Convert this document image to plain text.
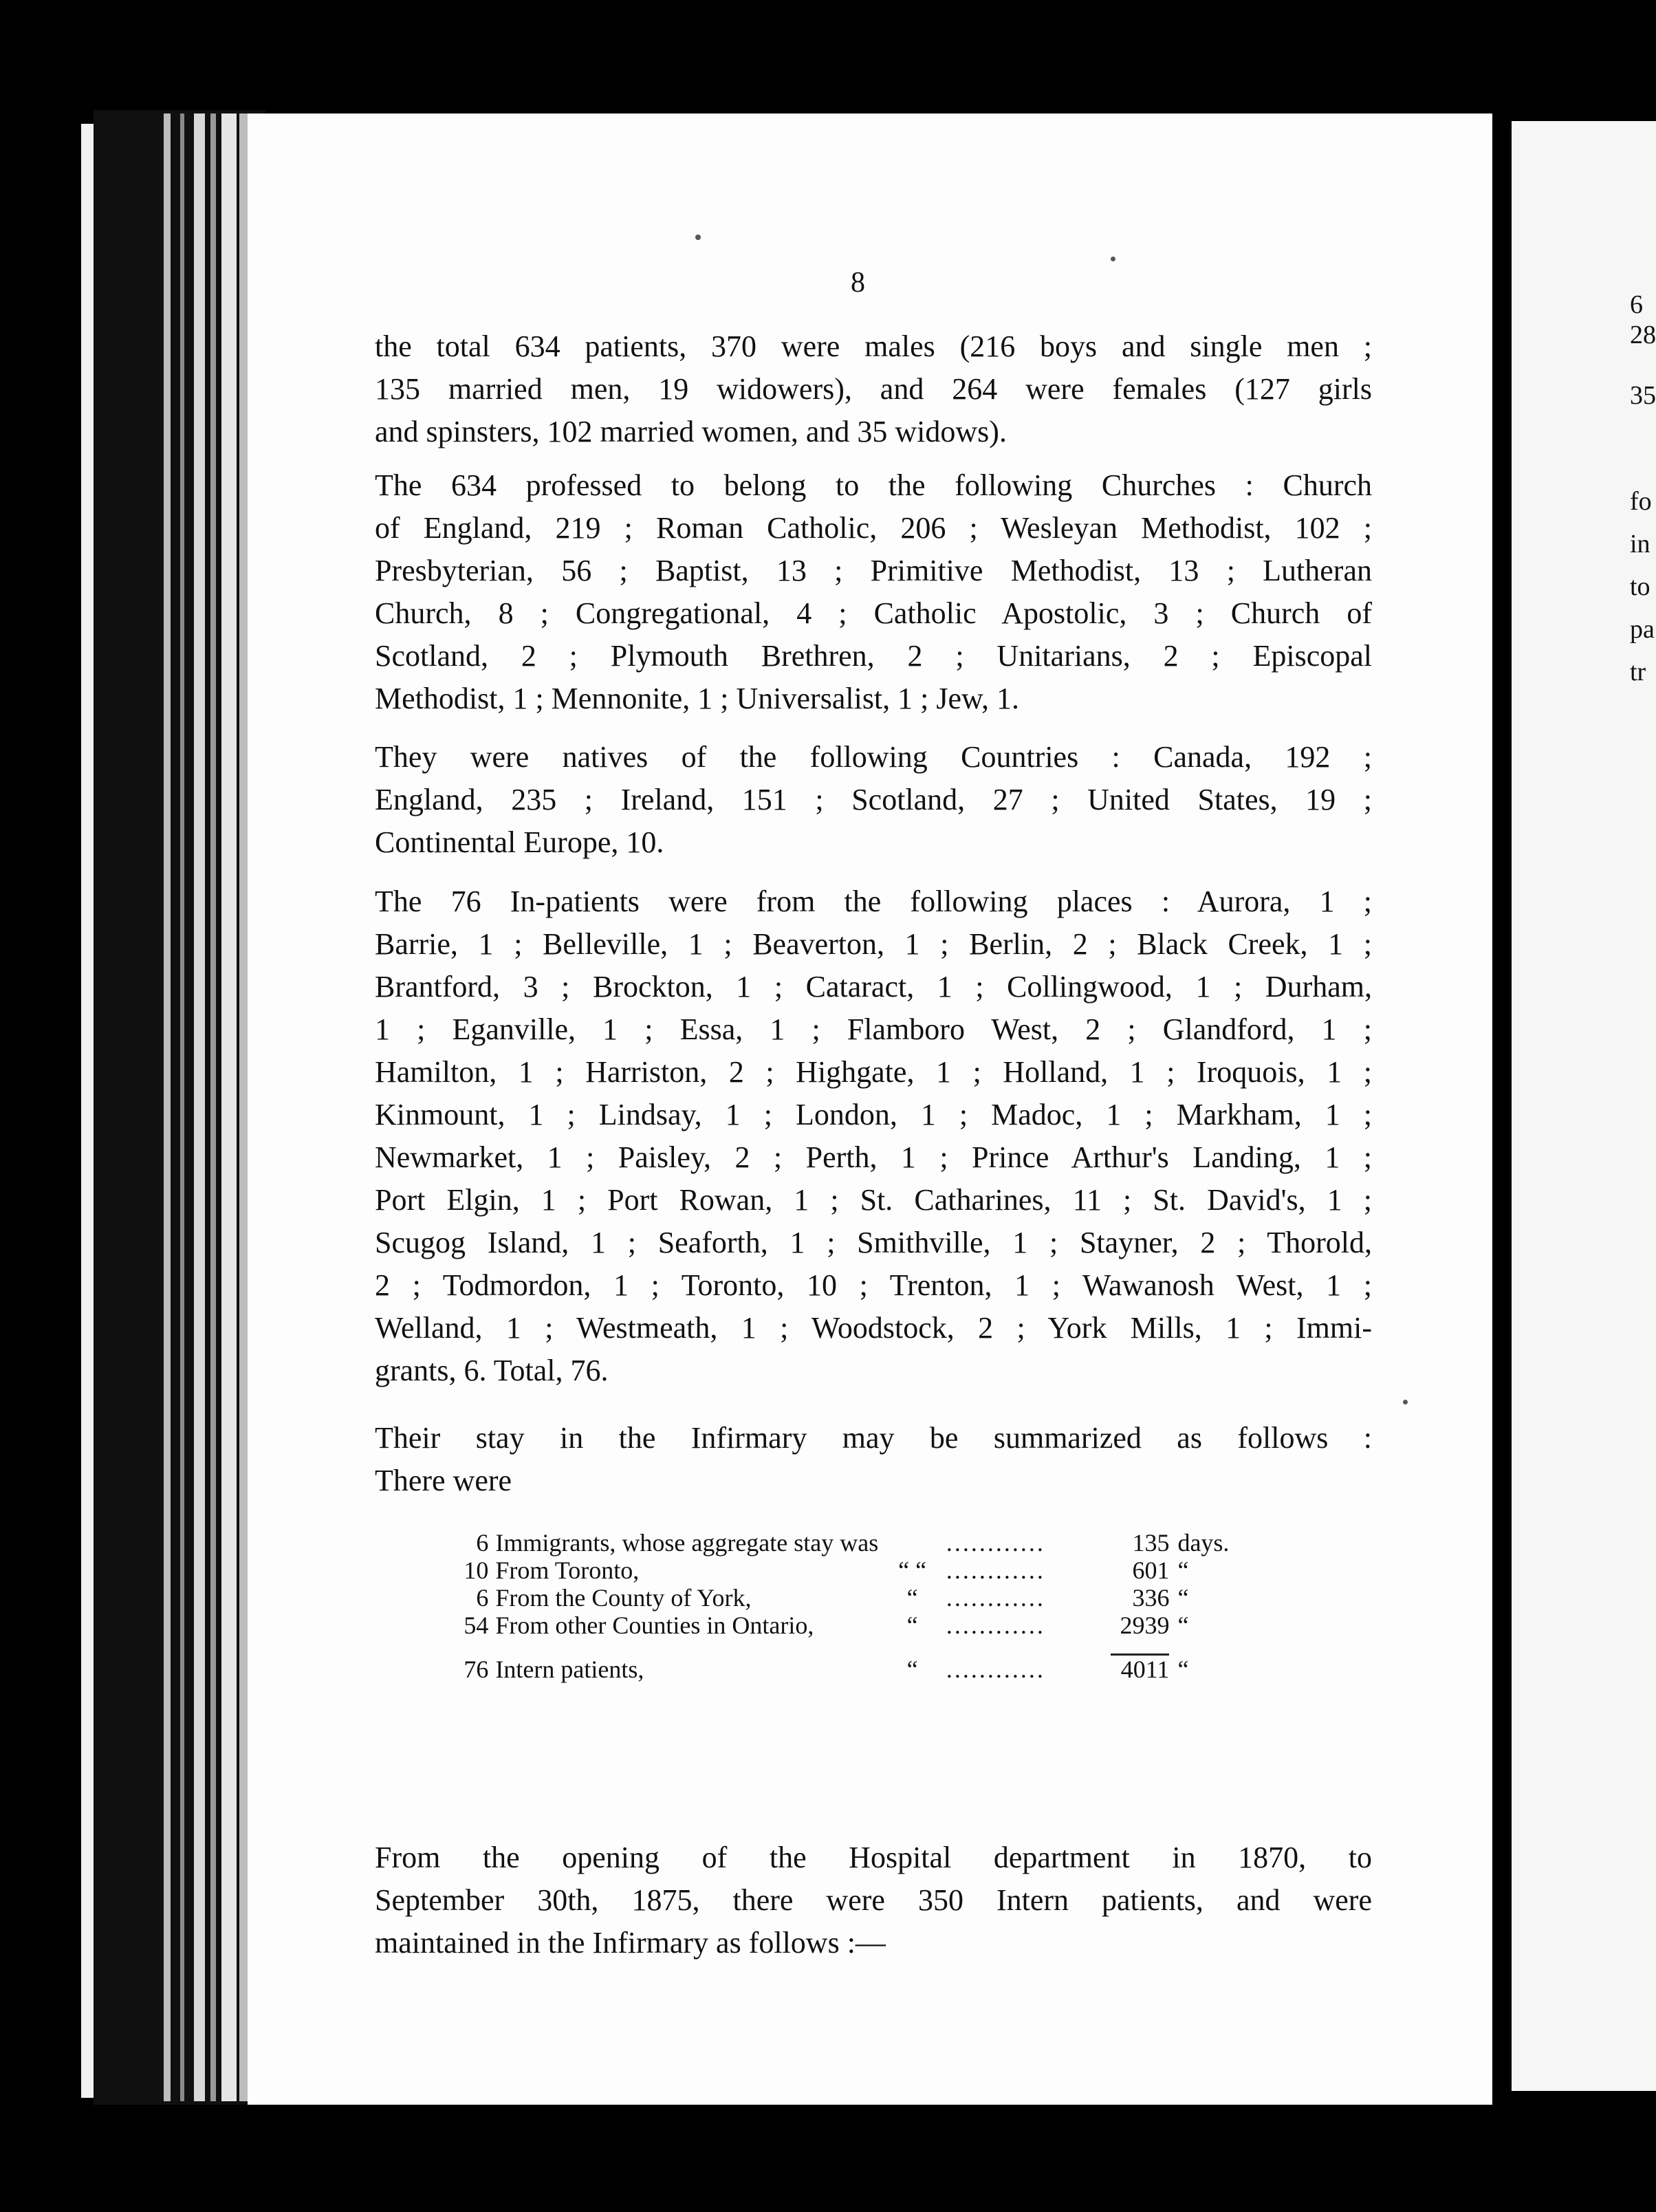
8

the total 634 patients, 370 were males (216 boys and single men ;
135 married men, 19 widowers), and 264 were females (127 girls
and spinsters, 102 married women, and 35 widows).

The 634 professed to belong to the following Churches : Church
of England, 219 ; Roman Catholic, 206 ; Wesleyan Methodist, 102 ;
Presbyterian, 56 ; Baptist, 13 ; Primitive Methodist, 13 ; Lutheran
Church, 8 ; Congregational, 4 ; Catholic Apostolic, 3 ; Church of
Scotland, 2 ; Plymouth Brethren, 2 ; Unitarians, 2 ; Episcopal
Methodist, 1 ; Mennonite, 1 ; Universalist, 1 ; Jew, 1.

They were natives of the following Countries : Canada, 192 ;
England, 235 ; Ireland, 151 ; Scotland, 27 ; United States, 19 ;
Continental Europe, 10.

The 76 In-patients were from the following places : Aurora, 1 ;
Barrie, 1 ; Belleville, 1 ; Beaverton, 1 ; Berlin, 2 ; Black Creek, 1 ;
Brantford, 3 ; Brockton, 1 ; Cataract, 1 ; Collingwood, 1 ; Durham,
1 ; Eganville, 1 ; Essa, 1 ; Flamboro West, 2 ; Glandford, 1 ;
Hamilton, 1 ; Harriston, 2 ; Highgate, 1 ; Holland, 1 ; Iroquois, 1 ;
Kinmount, 1 ; Lindsay, 1 ; London, 1 ; Madoc, 1 ; Markham, 1 ;
Newmarket, 1 ; Paisley, 2 ; Perth, 1 ; Prince Arthur's Landing, 1 ;
Port Elgin, 1 ; Port Rowan, 1 ; St. Catharines, 11 ; St. David's, 1 ;
Scugog Island, 1 ; Seaforth, 1 ; Smithville, 1 ; Stayner, 2 ; Thorold,
2 ; Todmordon, 1 ; Toronto, 10 ; Trenton, 1 ; Wawanosh West, 1 ;
Welland, 1 ; Westmeath, 1 ; Woodstock, 2 ; York Mills, 1 ; Immi-
grants, 6. Total, 76.

Their stay in the Infirmary may be summarized as follows :
There were

6	Immigrants, whose aggregate stay was		............	135	days.
10	From Toronto,	“ “	............	601	“
6	From the County of York,	“	............	336	“
54	From other Counties in Ontario,	“	............	2939	“

76	Intern patients,	“	............	4011	“

From the opening of the Hospital department in 1870, to
September 30th, 1875, there were 350 Intern patients, and were
maintained in the Infirmary as follows :—

6
28
35
fo
in
to
pa
tr
